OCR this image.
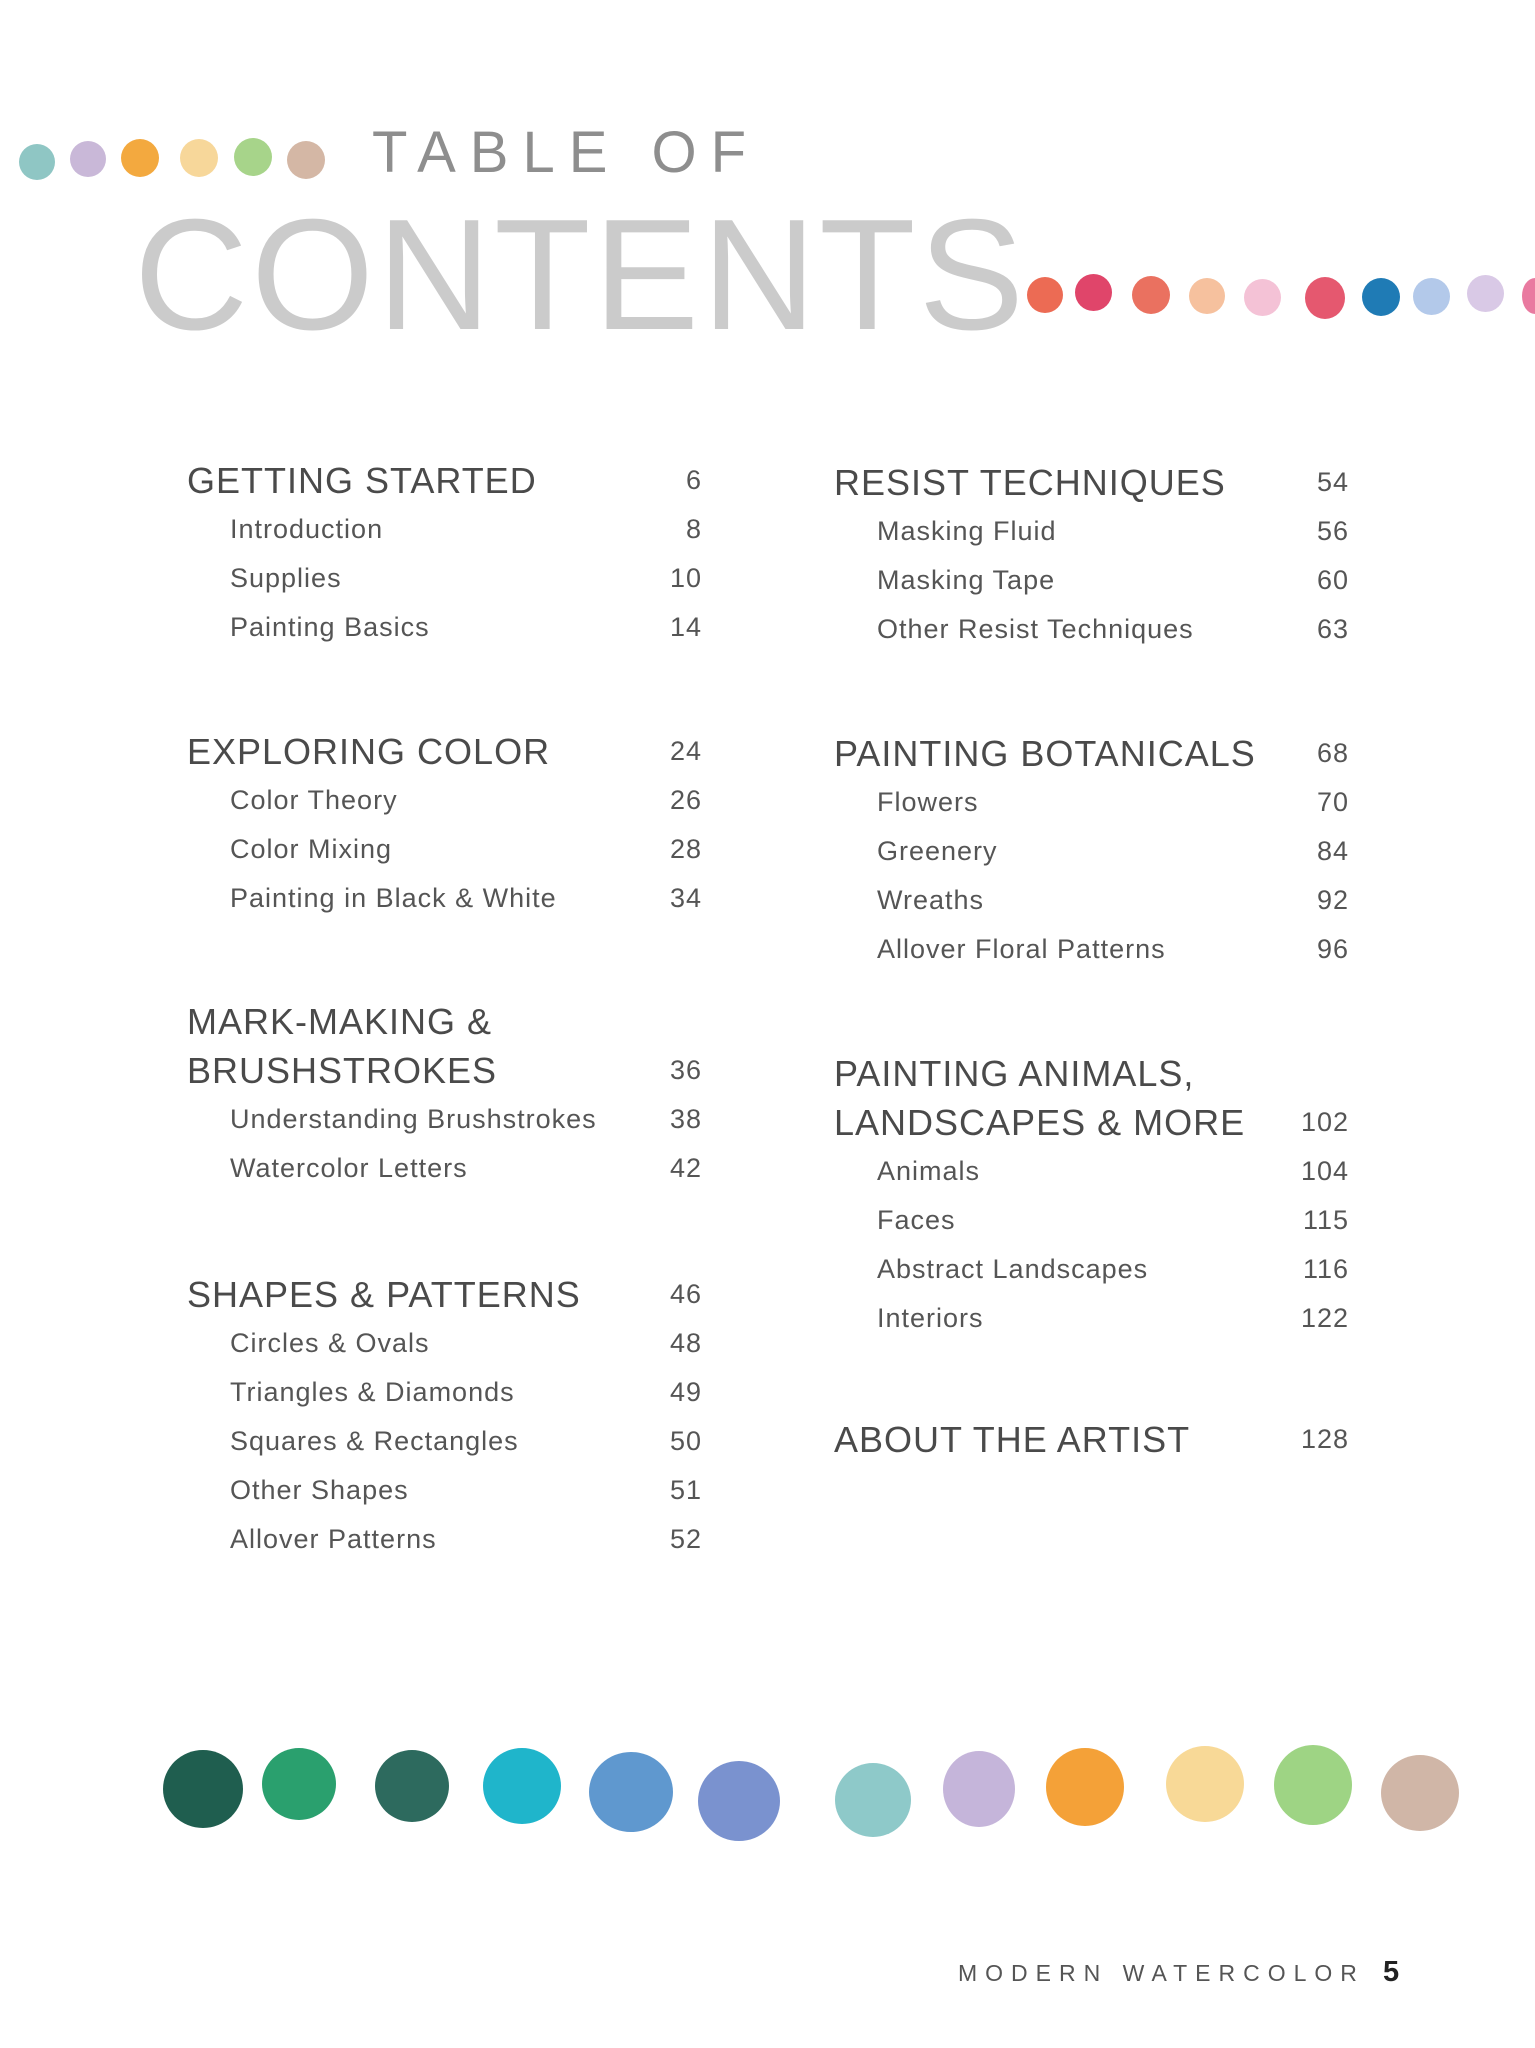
TABLE OF
CONTENTS
GETTING STARTED	6
Introduction	8
Supplies	10
Painting Basics	14
EXPLORING COLOR	24
Color Theory	26
Color Mixing	28
Painting in Black & White	34
MARK-MAKING &
BRUSHSTROKES	36
Understanding Brushstrokes	38
Watercolor Letters	42
SHAPES & PATTERNS	46
Circles & Ovals	48
Triangles & Diamonds	49
Squares & Rectangles	50
Other Shapes	51
Allover Patterns	52
RESIST TECHNIQUES	54
Masking Fluid	56
Masking Tape	60
Other Resist Techniques	63
PAINTING BOTANICALS	68
Flowers	70
Greenery	84
Wreaths	92
Allover Floral Patterns	96
PAINTING ANIMALS,
LANDSCAPES & MORE	102
Animals	104
Faces	115
Abstract Landscapes	116
Interiors	122
ABOUT THE ARTIST	128
MODERN WATERCOLOR 5
